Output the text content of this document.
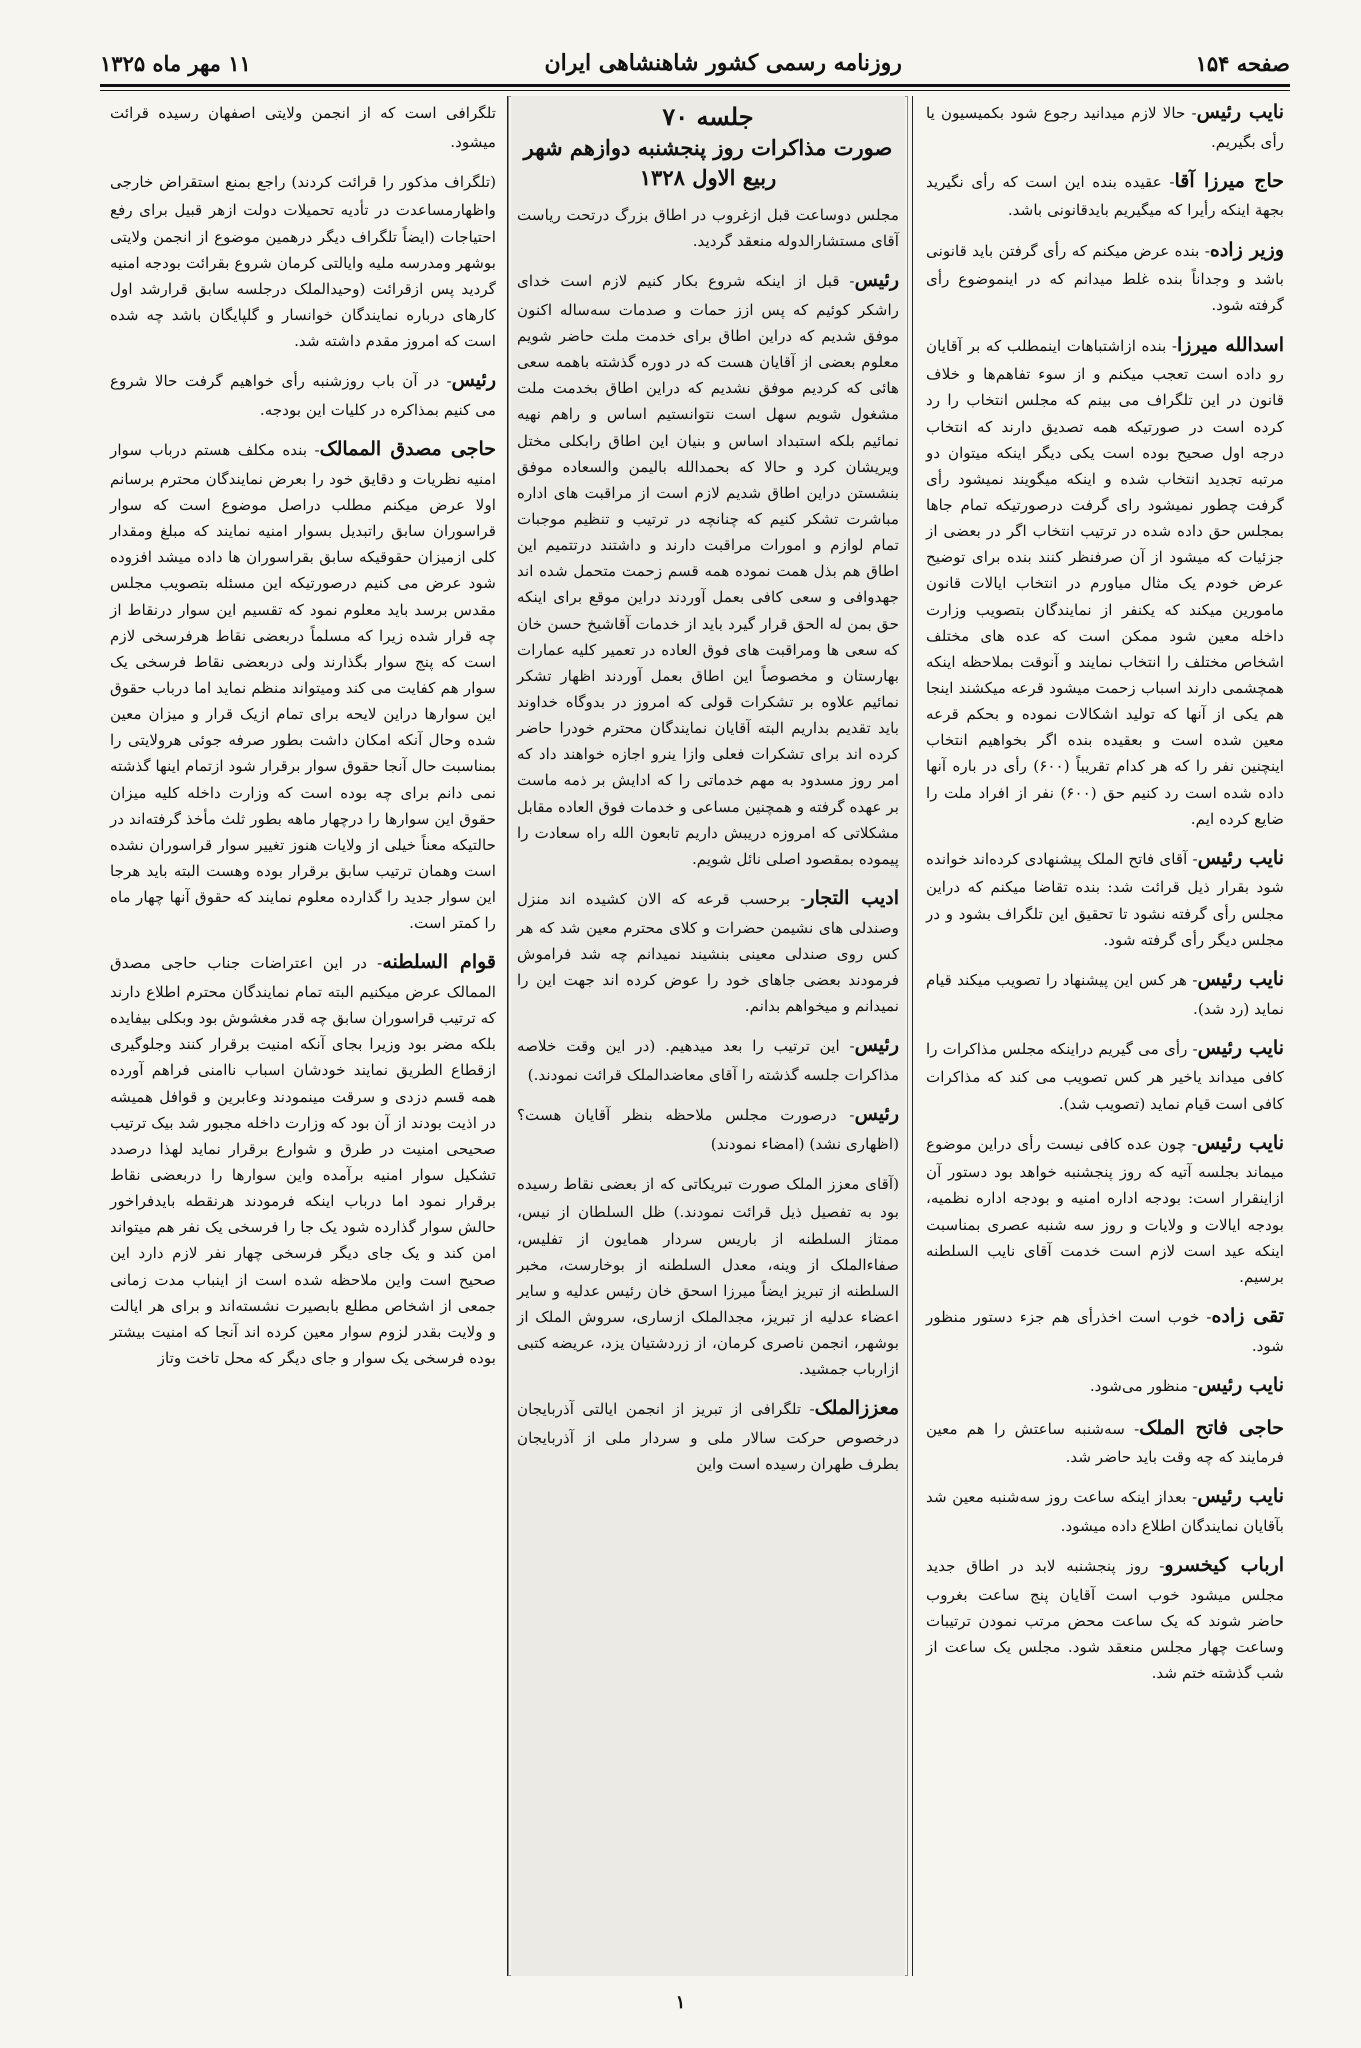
صفحه ۱۵۴
روزنامه رسمی کشور شاهنشاهی ایران
۱۱ مهر ماه ۱۳۲۵

نایب رئیس- حالا لازم میدانید رجوع شود بکمیسیون یا رأی بگیریم.

حاج میرزا آقا- عقیده بنده این است که رأی نگیرید بجهة اینکه رأیرا که میگیریم بایدقانونی باشد.

وزیر زاده- بنده عرض میکنم که رأی گرفتن باید قانونی باشد و وجداناً بنده غلط میدانم که در اینموضوع رأی گرفته شود.

اسدالله میرزا- بنده ازاشتباهات اینمطلب که بر آقایان رو داده است تعجب میکنم و از سوء تفاهم‌ها و خلاف قانون در این تلگراف می بینم که مجلس انتخاب را رد کرده است در صورتیکه همه تصدیق دارند که انتخاب درجه اول صحیح بوده است یکی دیگر اینکه میتوان دو مرتبه تجدید انتخاب شده و اینکه میگویند نمیشود رأی گرفت چطور نمیشود رای گرفت درصورتیکه تمام جاها بمجلس حق داده شده در ترتیب انتخاب اگر در بعضی از جزئیات که میشود از آن صرفنظر کنند بنده برای توضیح عرض خودم یک مثال میاورم در انتخاب ایالات قانون مامورین میکند که یکنفر از نمایندگان بتصویب وزارت داخله معین شود ممکن است که عده های مختلف اشخاص مختلف را انتخاب نمایند و آنوقت بملاحظه اینکه همچشمی دارند اسباب زحمت میشود قرعه میکشند اینجا هم یکی از آنها که تولید اشکالات نموده و بحکم قرعه معین شده است و بعقیده بنده اگر بخواهیم انتخاب اینچنین نفر را که هر کدام تقریباً (۶۰۰) رأی در باره آنها داده شده است رد کنیم حق (۶۰۰) نفر از افراد ملت را ضایع کرده ایم.

نایب رئیس- آقای فاتح الملک پیشنهادی کرده‌اند خوانده شود بقرار ذیل قرائت شد: بنده تقاضا میکنم که دراین مجلس رأی گرفته نشود تا تحقیق این تلگراف بشود و در مجلس دیگر رأی گرفته شود.

نایب رئیس- هر کس این پیشنهاد را تصویب میکند قیام نماید (رد شد).

نایب رئیس- رأی می گیریم دراینکه مجلس مذاکرات را کافی میداند یاخیر هر کس تصویب می کند که مذاکرات کافی است قیام نماید (تصویب شد).

نایب رئیس- چون عده کافی نیست رأی دراین موضوع میماند بجلسه آتیه که روز پنجشنبه خواهد بود دستور آن ازاینقرار است: بودجه اداره امنیه و بودجه اداره نظمیه، بودجه ایالات و ولایات و روز سه شنبه عصری بمناسبت اینکه عید است لازم است خدمت آقای نایب السلطنه برسیم.

تقی زاده- خوب است اخذرأی هم جزء دستور منظور شود.

نایب رئیس- منظور می‌شود.

حاجی فاتح الملک- سه‌شنبه ساعتش را هم معین فرمایند که چه وقت باید حاضر شد.

نایب رئیس- بعداز اینکه ساعت روز سه‌شنبه معین شد بآقایان نمایندگان اطلاع داده میشود.

ارباب کیخسرو- روز پنجشنبه لابد در اطاق جدید مجلس میشود خوب است آقایان پنج ساعت بغروب حاضر شوند که یک ساعت محض مرتب نمودن ترتیبات وساعت چهار مجلس منعقد شود. مجلس یک ساعت از شب گذشته ختم شد.

جلسه ۷۰
صورت مذاکرات روز پنجشنبه دوازهم شهر ربیع الاول ۱۳۲۸

مجلس دوساعت قبل ازغروب در اطاق بزرگ درتحت ریاست آقای مستشارالدوله منعقد گردید.

رئیس- قبل از اینکه شروع بکار کنیم لازم است خدای راشکر کوئیم که پس ازز حمات و صدمات سه‌ساله اکنون موفق شدیم که دراین اطاق برای خدمت ملت حاضر شویم معلوم بعضی از آقایان هست که در دوره گذشته باهمه سعی هائی که کردیم موفق نشدیم که دراین اطاق بخدمت ملت مشغول شویم سهل است نتوانستیم اساس و راهم نهیه نمائیم بلکه استبداد اساس و بنیان این اطاق رابکلی مختل ویریشان کرد و حالا که بحمدالله بالیمن والسعاده موفق بنشستن دراین اطاق شدیم لازم است از مراقبت های اداره مباشرت تشکر کنیم که چنانچه در ترتیب و تنظیم موجبات تمام لوازم و امورات مراقبت دارند و داشتند درتتمیم این اطاق هم بذل همت نموده همه قسم زحمت متحمل شده اند جهدوافی و سعی کافی بعمل آوردند دراین موقع برای اینکه حق بمن له الحق قرار گیرد باید از خدمات آقاشیخ حسن خان که سعی ها ومراقبت های فوق العاده در تعمیر کلیه عمارات بهارستان و مخصوصاً این اطاق بعمل آوردند اظهار تشکر نمائیم علاوه بر تشکرات قولی که امروز در بدوگاه خداوند باید تقدیم بداریم البته آقایان نمایندگان محترم خودرا حاضر کرده اند برای تشکرات فعلی وازا ینرو اجازه خواهند داد که امر روز مسدود به مهم خدماتی را که ادایش بر ذمه ماست بر عهده گرفته و همچنین مساعی و خدمات فوق العاده مقابل مشکلاتی که امروزه دریبش داریم تابعون الله راه سعادت را پیموده بمقصود اصلی نائل شویم.

ادیب التجار- برحسب قرعه که الان کشیده اند منزل وصندلی های نشیمن حضرات و کلای محترم معین شد که هر کس روی صندلی معینی بنشیند نمیدانم چه شد فراموش فرمودند بعضی جاهای خود را عوض کرده اند جهت این را نمیدانم و میخواهم بدانم.

رئیس- این ترتیب را بعد میدهیم. (در این وقت خلاصه مذاکرات جلسه گذشته را آقای معاضدالملک قرائت نمودند.)

رئیس- درصورت مجلس ملاحظه بنظر آقایان هست؟ (اظهاری نشد) (امضاء نمودند)

(آقای معزز الملک صورت تبریکاتی که از بعضی نقاط رسیده بود به تفصیل ذیل قرائت نمودند.) ظل السلطان از نیس، ممتاز السلطنه از باریس سردار همایون از تفلیس، صفاءالملک از وینه، معدل السلطنه از بوخارست، مخبر السلطنه از تبریز ایضاً میرزا اسحق خان رئیس عدلیه و سایر اعضاء عدلیه از تبریز، مجدالملک ازساری، سروش الملک از بوشهر، انجمن ناصری کرمان، از زردشتیان یزد، عریضه کتبی ازارباب جمشید.

معززالملک- تلگرافی از تبریز از انجمن ایالتی آذربایجان درخصوص حرکت سالار ملی و سردار ملی از آذربایجان بطرف طهران رسیده است واین

تلگرافی است که از انجمن ولایتی اصفهان رسیده قرائت میشود.

(تلگراف مذکور را قرائت کردند) راجع بمنع استقراض خارجی واظهارمساعدت در تأدیه تحمیلات دولت ازهر قبیل برای رفع احتیاجات (ایضاً تلگراف دیگر درهمین موضوع از انجمن ولایتی بوشهر ومدرسه ملیه وایالتی کرمان شروع بقرائت بودجه امنیه گردید پس ازقرائت (وحیدالملک درجلسه سابق قرارشد اول کارهای درباره نمایندگان خوانسار و گلپایگان باشد چه شده است که امروز مقدم داشته شد.

رئیس- در آن باب روزشنبه رأی خواهیم گرفت حالا شروع می کنیم بمذاکره در کلیات این بودجه.

حاجی مصدق الممالک- بنده مکلف هستم درباب سوار امنیه نظریات و دقایق خود را بعرض نمایندگان محترم برسانم اولا عرض میکنم مطلب دراصل موضوع است که سوار قراسوران سابق راتبدیل بسوار امنیه نمایند که مبلغ ومقدار کلی ازمیزان حقوقیکه سابق بقراسوران ها داده میشد افزوده شود عرض می کنیم درصورتیکه این مسئله بتصویب مجلس مقدس برسد باید معلوم نمود که تقسیم این سوار درنقاط از چه قرار شده زیرا که مسلماً دربعضی نقاط هرفرسخی لازم است که پنج سوار بگذارند ولی دربعضی نقاط فرسخی یک سوار هم کفایت می کند ومیتواند منظم نماید اما درباب حقوق این سوارها دراین لایحه برای تمام ازیک قرار و میزان معین شده وحال آنکه امکان داشت بطور صرفه جوئی هرولایتی را بمناسبت حال آنجا حقوق سوار برقرار شود ازتمام اینها گذشته نمی دانم برای چه بوده است که وزارت داخله کلیه میزان حقوق این سوارها را درچهار ماهه بطور ثلث مأخذ گرفته‌اند در حالتیکه معناً خیلی از ولایات هنوز تغییر سوار قراسوران نشده است وهمان ترتیب سابق برقرار بوده وهست البته باید هرجا این سوار جدید را گذارده معلوم نمایند که حقوق آنها چهار ماه را کمتر است.

قوام السلطنه- در این اعتراضات جناب حاجی مصدق الممالک عرض میکنیم البته تمام نمایندگان محترم اطلاع دارند که ترتیب قراسوران سابق چه قدر مغشوش بود وبکلی بیفایده بلکه مضر بود وزیرا بجای آنکه امنیت برقرار کنند وجلوگیری ازقطاع الطریق نمایند خودشان اسباب ناامنی فراهم آورده همه قسم دزدی و سرقت مینمودند وعابرین و قوافل همیشه در اذیت بودند از آن بود که وزارت داخله مجبور شد بیک ترتیب صحیحی امنیت در طرق و شوارع برقرار نماید لهذا درصدد تشکیل سوار امنیه برآمده واین سوارها را دربعضی نقاط برقرار نمود اما درباب اینکه فرمودند هرنقطه بایدفراخور حالش سوار گذارده شود یک جا را فرسخی یک نفر هم میتواند امن کند و یک جای دیگر فرسخی چهار نفر لازم دارد این صحیح است واین ملاحظه شده است از اینباب مدت زمانی جمعی از اشخاص مطلع بابصیرت نشسته‌اند و برای هر ایالت و ولایت بقدر لزوم سوار معین کرده اند آنجا که امنیت بیشتر بوده فرسخی یک سوار و جای دیگر که محل تاخت وتاز

۱
